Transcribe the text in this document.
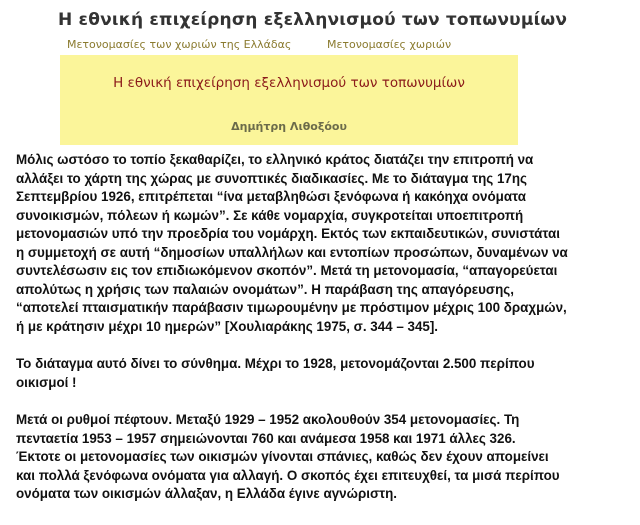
Η εθνική επιχείρηση εξελληνισμού των τοπωνυμίων
Μετονομασίες των χωριών της Ελλάδας	Μετονομασίες χωριών
Η εθνική επιχείρηση εξελληνισμού των τοπωνυμίων
Δημήτρη Λιθοξόου
Μόλις ωστόσο το τοπίο ξεκαθαρίζει, το ελληνικό κράτος διατάζει την επιτροπή να
αλλάξει το χάρτη της χώρας με συνοπτικές διαδικασίες. Με το διάταγμα της 17ης
Σεπτεμβρίου 1926, επιτρέπεται “ίνα μεταβληθώσι ξενόφωνα ή κακόηχα ονόματα
συνοικισμών, πόλεων ή κωμών”. Σε κάθε νομαρχία, συγκροτείται υποεπιτροπή
μετονομασιών υπό την προεδρία του νομάρχη. Εκτός των εκπαιδευτικών, συνιστάται
η συμμετοχή σε αυτή “δημοσίων υπαλλήλων και εντοπίων προσώπων, δυναμένων να
συντελέσωσιν εις τον επιδιωκόμενον σκοπόν”. Μετά τη μετονομασία, “απαγορεύεται
απολύτως η χρήσις των παλαιών ονομάτων”. Η παράβαση της απαγόρευσης,
“αποτελεί πταισματικήν παράβασιν τιμωρουμένην με πρόστιμον μέχρις 100 δραχμών,
ή με κράτησιν μέχρι 10 ημερών” [Χουλιαράκης 1975, σ. 344 – 345].
Το διάταγμα αυτό δίνει το σύνθημα. Μέχρι το 1928, μετονομάζονται 2.500 περίπου
οικισμοί !
Μετά οι ρυθμοί πέφτουν. Μεταξύ 1929 – 1952 ακολουθούν 354 μετονομασίες. Τη
πενταετία 1953 – 1957 σημειώνονται 760 και ανάμεσα 1958 και 1971 άλλες 326.
Έκτοτε οι μετονομασίες των οικισμών γίνονται σπάνιες, καθώς δεν έχουν απομείνει
και πολλά ξενόφωνα ονόματα για αλλαγή. Ο σκοπός έχει επιτευχθεί, τα μισά περίπου
ονόματα των οικισμών άλλαξαν, η Ελλάδα έγινε αγνώριστη.
